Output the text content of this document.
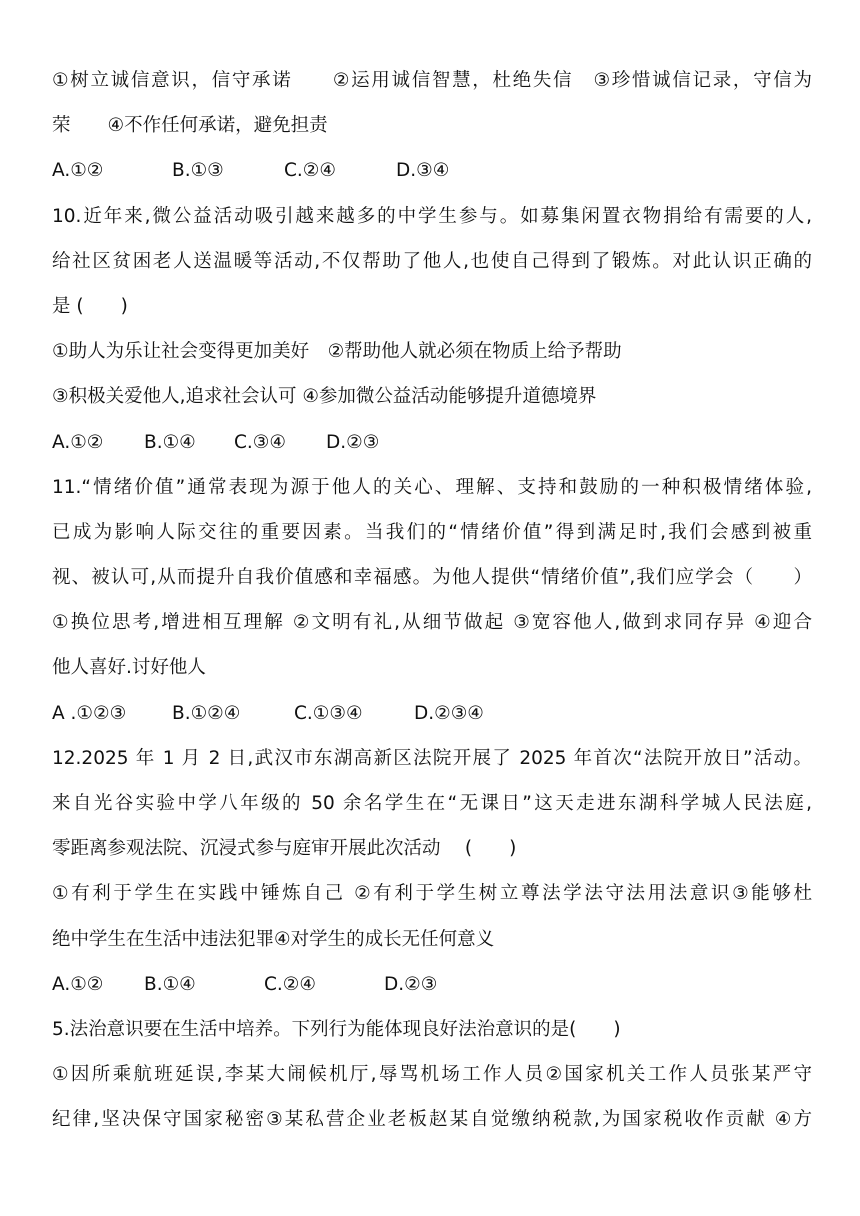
①树立诚信意识，信守承诺　　②运用诚信智慧，杜绝失信　③珍惜诚信记录，守信为
荣　　④不作任何承诺，避免担责
A.①②	B.①③	C.②④	D.③④
10.近年来,微公益活动吸引越来越多的中学生参与。如募集闲置衣物捐给有需要的人,
给社区贫困老人送温暖等活动,不仅帮助了他人,也使自己得到了锻炼。对此认识正确的
是 (　　)
①助人为乐让社会变得更加美好　②帮助他人就必须在物质上给予帮助
③积极关爱他人,追求社会认可 ④参加微公益活动能够提升道德境界
A.①② B.①④ C.③④ D.②③
11.“情绪价值”通常表现为源于他人的关心、理解、支持和鼓励的一种积极情绪体验,
已成为影响人际交往的重要因素。当我们的“情绪价值”得到满足时,我们会感到被重
视、被认可,从而提升自我价值感和幸福感。为他人提供“情绪价值”,我们应学会（　　）
①换位思考,增进相互理解 ②文明有礼,从细节做起 ③宽容他人,做到求同存异 ④迎合
他人喜好.讨好他人
A .①②③ B.①②④	C.①③④	D.②③④
12.2025 年 1 月 2 日,武汉市东湖高新区法院开展了 2025 年首次“法院开放日”活动。
来自光谷实验中学八年级的 50 余名学生在“无课日”这天走进东湖科学城人民法庭,
零距离参观法院、沉浸式参与庭审开展此次活动　 (　　)
①有利于学生在实践中锤炼自己 ②有利于学生树立尊法学法守法用法意识③能够杜
绝中学生在生活中违法犯罪④对学生的成长无任何意义
A.①② B.①④	C.②④	D.②③
5.法治意识要在生活中培养。下列行为能体现良好法治意识的是(　　)
①因所乘航班延误,李某大闹候机厅,辱骂机场工作人员②国家机关工作人员张某严守
纪律,坚决保守国家秘密③某私营企业老板赵某自觉缴纳税款,为国家税收作贡献 ④方
